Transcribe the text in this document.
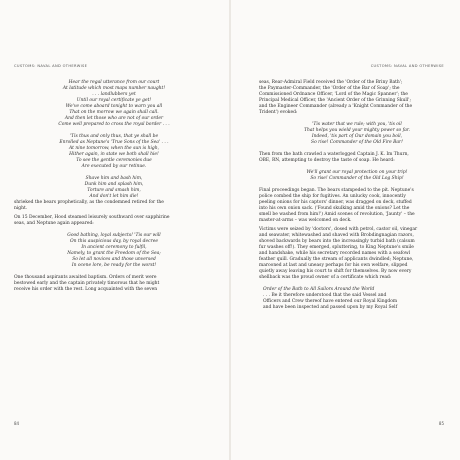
CUSTOMS: NAVAL AND OTHERWISE
Hear the regal utterance from our court
At latitude which most maps number naught!
. . . landlubbers yet
Until our royal certificate ye get!
We've come aboard tonight to warn you all
That on the morrow we again shall call.
And then let those who are not of our order
Come well prepared to cross the royal border . . .
'Tis thus and only thus, that ye shall be
Enrolled as Neptune's 'True Sons of the Sea' . . .
At nine tomorrow, when the sun is high,
Hither again, in state we both shall hie!
To see the gentle ceremonies due
Are executed by our retinue.
Shave him and bash him,
Dunk him and splash him,
Torture and smash him,
And don't let him die!
shrieked the bears prophetically, as the condemned retired for the
night.
On 15 December, Hood steamed leisurely southward over sapphirine
seas, and Neptune again appeared:
Good bathing, loyal subjects! 'Tis our will
On this auspicious day, by royal decree
In ancient ceremony to fulfil,
Namely, to grant the Freedom of the Sea;
So let all novices and those unversed
In ocene lore, be ready for the worst!
One thousand aspirants awaited baptism. Orders of merit were
bestowed early and the captain privately timorous that he might
receive his order with the rest. Long acquainted with the seven
84
CUSTOMS: NAVAL AND OTHERWISE
seas, Rear-Admiral Field received the 'Order of the Briny Bath';
the Paymaster-Commander, the 'Order of the Bar of Soap'; the
Commissioned Ordnance Officer, 'Lord of the Magic Spanner'; the
Principal Medical Officer, the 'Ancient Order of the Grinning Skull';
and the Engineer Commander (already a 'Knight Commander of the
Trident') evoked:
'Tis water that we rule; with you, 'tis oil
That helps you wield your mighty power so far.
Indeed, 'tis part of Our domain you boil,
So rise! Commander of the Old Fire Bar!
Then from the bath crawled a waterlogged Captain J. K. Im Thurn,
OBE, RN, attempting to destroy the taste of soap. He heard:
We'll grant our royal protection on your trip!
So rise! Commander of the Old Log Ship!
Final proceedings began. The bears stampeded to the pit. Neptune's
police combed the ship for fugitives. An unlucky cook, innocently
peeling onions for his captors' dinner, was dragged on deck, stuffed
into his own onion sack. ('Found skulking amid the onions? Let the
smell be washed from him!') Amid scenes of revolution, 'Jaunty' – the
master-at-arms – was welcomed on deck.
Victims were seized by 'doctors', dosed with petrol, castor oil, vinegar
and seawater, whitewashed and shaved with Brobdingnagian razors,
shoved backwards by bears into the increasingly turbid bath (calsum
fur washes off!). They emerged, spluttering, to King Neptune's smile
and handshake, while his secretary recorded names with a seafowl
feather quill. Gradually the stream of applicants dwindled; Neptune,
marooned at last and uneasy perhaps for his own welfare, slipped
quietly away leaving his court to shift for themselves. By now every
shellback was the proud owner of a certificate which read:
Order of the Bath to All Sailors Around the World
. . . Be it therefore understood that the said Vessel and
Officers and Crew thereof have entered our Royal Kingdom
and have been inspected and passed upon by my Royal Self
85
